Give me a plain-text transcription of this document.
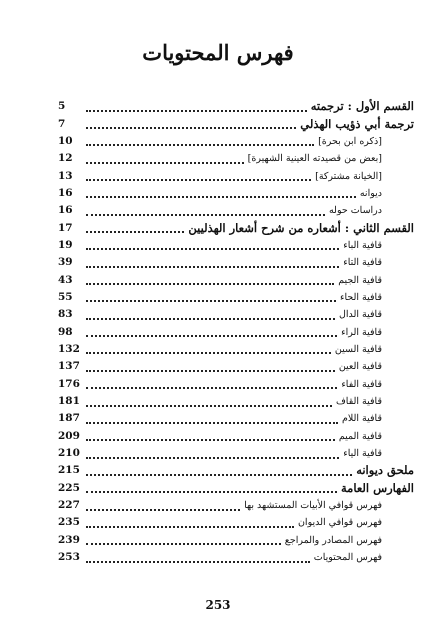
فهرس المحتويات
القسم الأول : ترجمته
5
ترجمة أبي ذؤيب الهذلي
7
[ذكره ابن بحرة]
10
[بعض من قصيدته العينية الشهيرة]
12
[الخيانة مشتركة]
13
ديوانه
16
دراسات حوله
16
القسم الثاني : أشعاره من شرح أشعار الهذليين
17
قافية الباء
19
قافية التاء
39
قافية الجيم
43
قافية الحاء
55
قافية الدال
83
قافية الراء
98
قافية السين
132
قافية العين
137
قافية الفاء
176
قافية القاف
181
قافية اللام
187
قافية الميم
209
قافية الياء
210
ملحق ديوانه
215
الفهارس العامة
225
فهرس قوافي الأبيات المستشهد بها
227
فهرس قوافي الديوان
235
فهرس المصادر والمراجع
239
فهرس المحتويات
253
253
